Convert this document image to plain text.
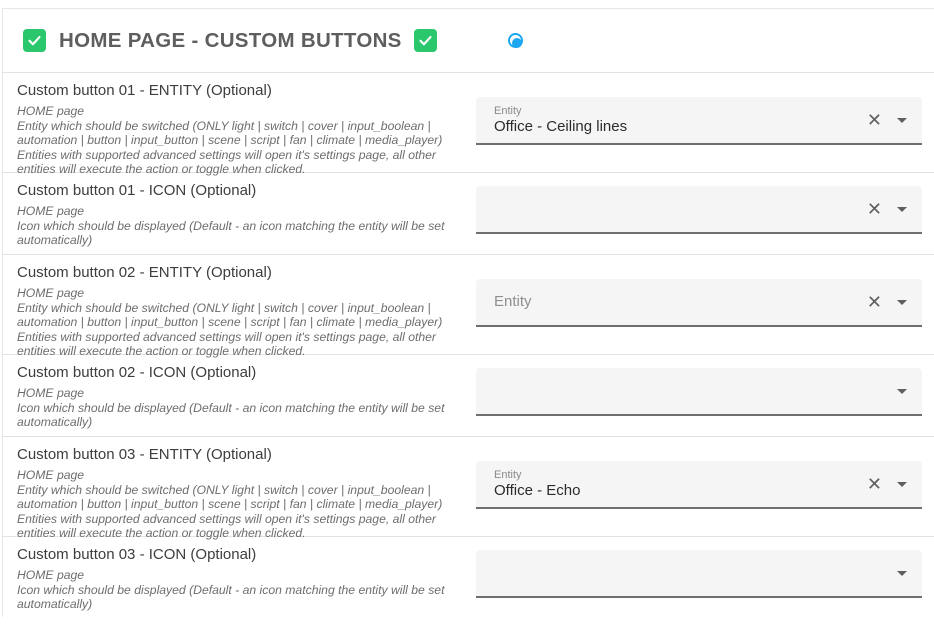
HOME PAGE - CUSTOM BUTTONS
Custom button 01 - ENTITY (Optional)
HOME page
Entity which should be switched (ONLY light | switch | cover | input_boolean | automation | button | input_button | scene | script | fan | climate | media_player)
Entities with supported advanced settings will open it's settings page, all other entities will execute the action or toggle when clicked.
Entity
Office - Ceiling lines	✕
Custom button 01 - ICON (Optional)
HOME page
Icon which should be displayed (Default - an icon matching the entity will be set automatically)
✕
Custom button 02 - ENTITY (Optional)
HOME page
Entity which should be switched (ONLY light | switch | cover | input_boolean | automation | button | input_button | scene | script | fan | climate | media_player)
Entities with supported advanced settings will open it's settings page, all other entities will execute the action or toggle when clicked.
Entity	✕
Custom button 02 - ICON (Optional)
HOME page
Icon which should be displayed (Default - an icon matching the entity will be set automatically)
Custom button 03 - ENTITY (Optional)
HOME page
Entity which should be switched (ONLY light | switch | cover | input_boolean | automation | button | input_button | scene | script | fan | climate | media_player)
Entities with supported advanced settings will open it's settings page, all other entities will execute the action or toggle when clicked.
Entity
Office - Echo	✕
Custom button 03 - ICON (Optional)
HOME page
Icon which should be displayed (Default - an icon matching the entity will be set automatically)
